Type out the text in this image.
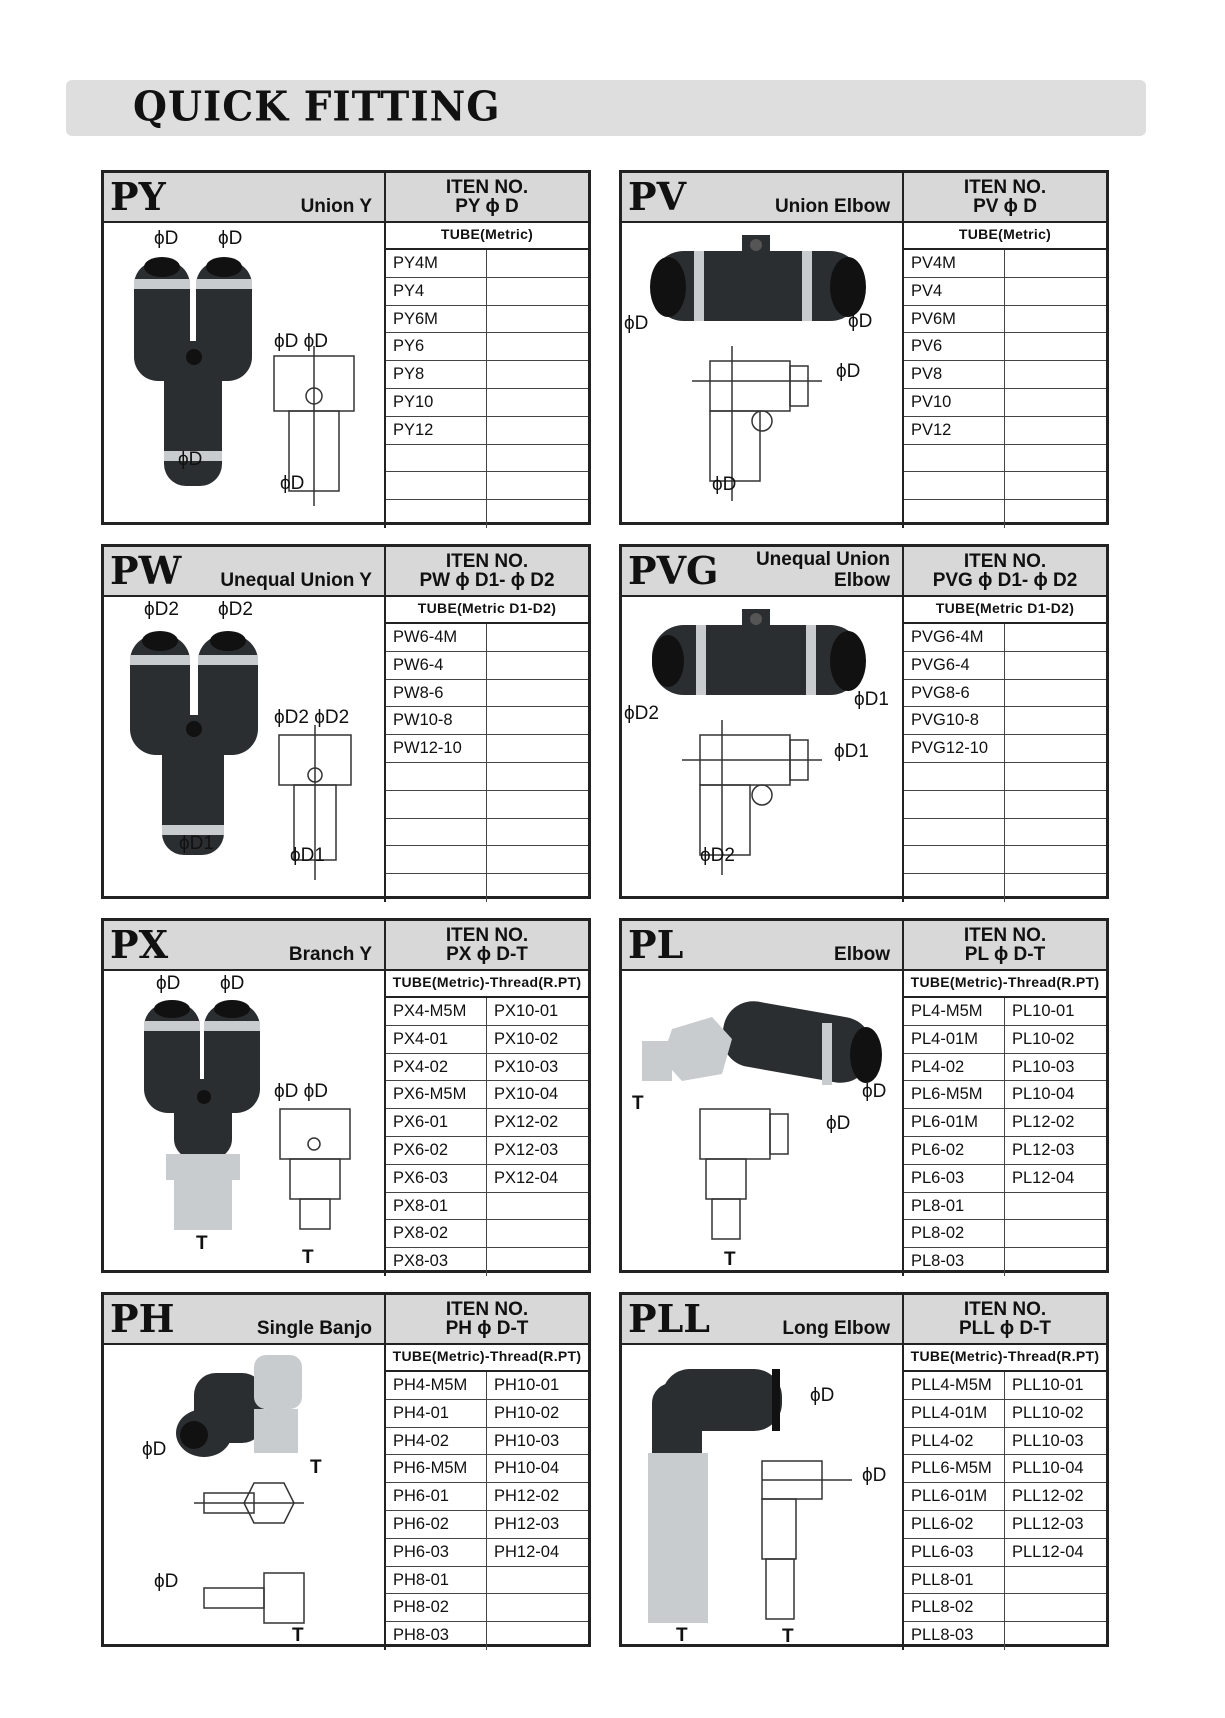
QUICK FITTING
PY	Union Y
ITEN NO.
PY ϕ D
ϕD ϕD
ϕD ϕD
ϕD
ϕD
TUBE(Metric)
PY4M
PY4
PY6M
PY6
PY8
PY10
PY12
PV	Union Elbow
ITEN NO.
PV ϕ D
ϕD	ϕD
ϕD
ϕD
TUBE(Metric)
PV4M
PV4
PV6M
PV6
PV8
PV10
PV12
PW Unequal Union Y
ITEN NO.
PW ϕ D1- ϕ D2
ϕD2 ϕD2
ϕD2 ϕD2
ϕD1
ϕD1
TUBE(Metric D1-D2)
PW6-4M
PW6-4
PW8-6
PW10-8
PW12-10
PVG Unequal Union
Elbow
ITEN NO.
PVG ϕ D1- ϕ D2
ϕD2
ϕD1
ϕD1
ϕD2
TUBE(Metric D1-D2)
PVG6-4M
PVG6-4
PVG8-6
PVG10-8
PVG12-10
PX	Branch Y
ITEN NO.
PX ϕ D-T
ϕD ϕD
ϕD ϕD
T
T
TUBE(Metric)-Thread(R.PT)
PX4-M5M	PX10-01
PX4-01	PX10-02
PX4-02	PX10-03
PX6-M5M	PX10-04
PX6-01	PX12-02
PX6-02	PX12-03
PX6-03	PX12-04
PX8-01
PX8-02
PX8-03
PL	Elbow
ITEN NO.
PL ϕ D-T
T
ϕD
ϕD
T
TUBE(Metric)-Thread(R.PT)
PL4-M5M	PL10-01
PL4-01M	PL10-02
PL4-02	PL10-03
PL6-M5M	PL10-04
PL6-01M	PL12-02
PL6-02	PL12-03
PL6-03	PL12-04
PL8-01
PL8-02
PL8-03
PH	Single Banjo
ITEN NO.
PH ϕ D-T
ϕD
T
ϕD
T
TUBE(Metric)-Thread(R.PT)
PH4-M5M	PH10-01
PH4-01	PH10-02
PH4-02	PH10-03
PH6-M5M	PH10-04
PH6-01	PH12-02
PH6-02	PH12-03
PH6-03	PH12-04
PH8-01
PH8-02
PH8-03
PLL	Long Elbow
ITEN NO.
PLL ϕ D-T
ϕD
ϕD
T	T
TUBE(Metric)-Thread(R.PT)
PLL4-M5M	PLL10-01
PLL4-01M	PLL10-02
PLL4-02	PLL10-03
PLL6-M5M	PLL10-04
PLL6-01M	PLL12-02
PLL6-02	PLL12-03
PLL6-03	PLL12-04
PLL8-01
PLL8-02
PLL8-03
